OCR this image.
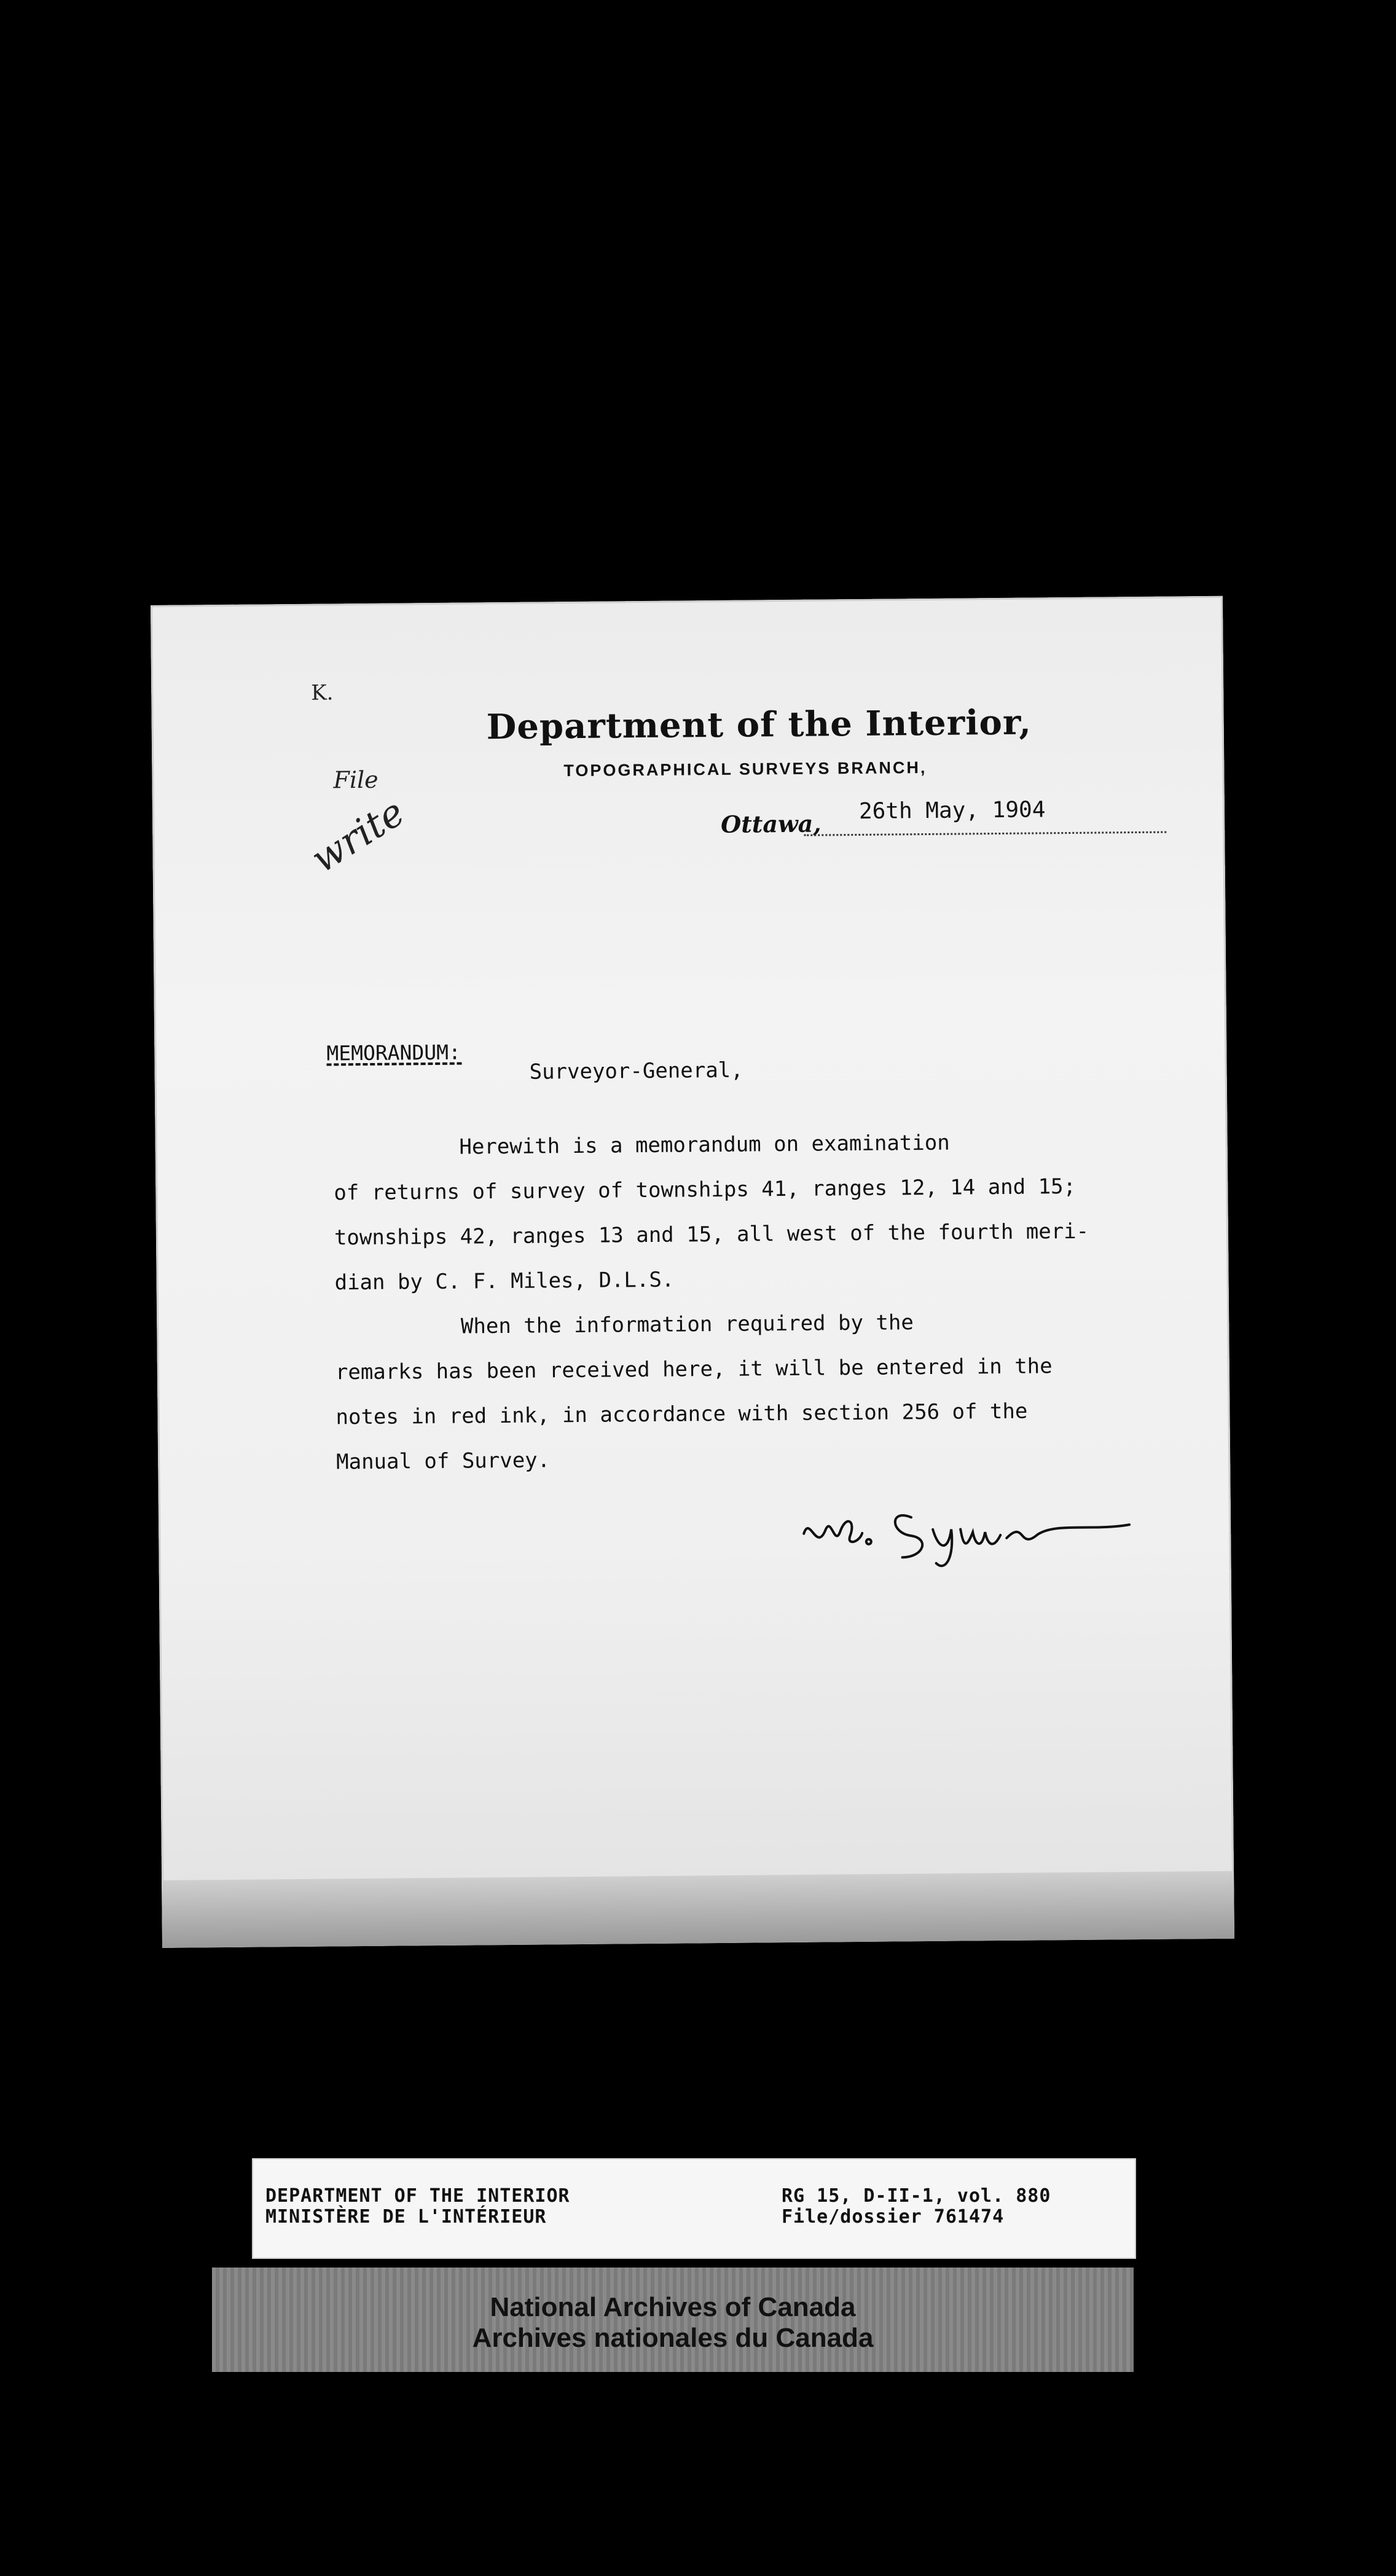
K.
File
Department of the Interior,
TOPOGRAPHICAL SURVEYS BRANCH,
Ottawa, 26th May, 1904
write
MEMORANDUM:
Surveyor-General,
Herewith is a memorandum on examination
of returns of survey of townships 41, ranges 12, 14 and 15;
townships 42, ranges 13 and 15, all west of the fourth meri-
dian by C. F. Miles, D.L.S.
When the information required by the
remarks has been received here, it will be entered in the
notes in red ink, in accordance with section 256 of the
Manual of Survey.
DEPARTMENT OF THE INTERIOR
MINISTÈRE DE L'INTÉRIEUR
RG 15, D-II-1, vol. 880
File/dossier 761474
National Archives of Canada
Archives nationales du Canada
